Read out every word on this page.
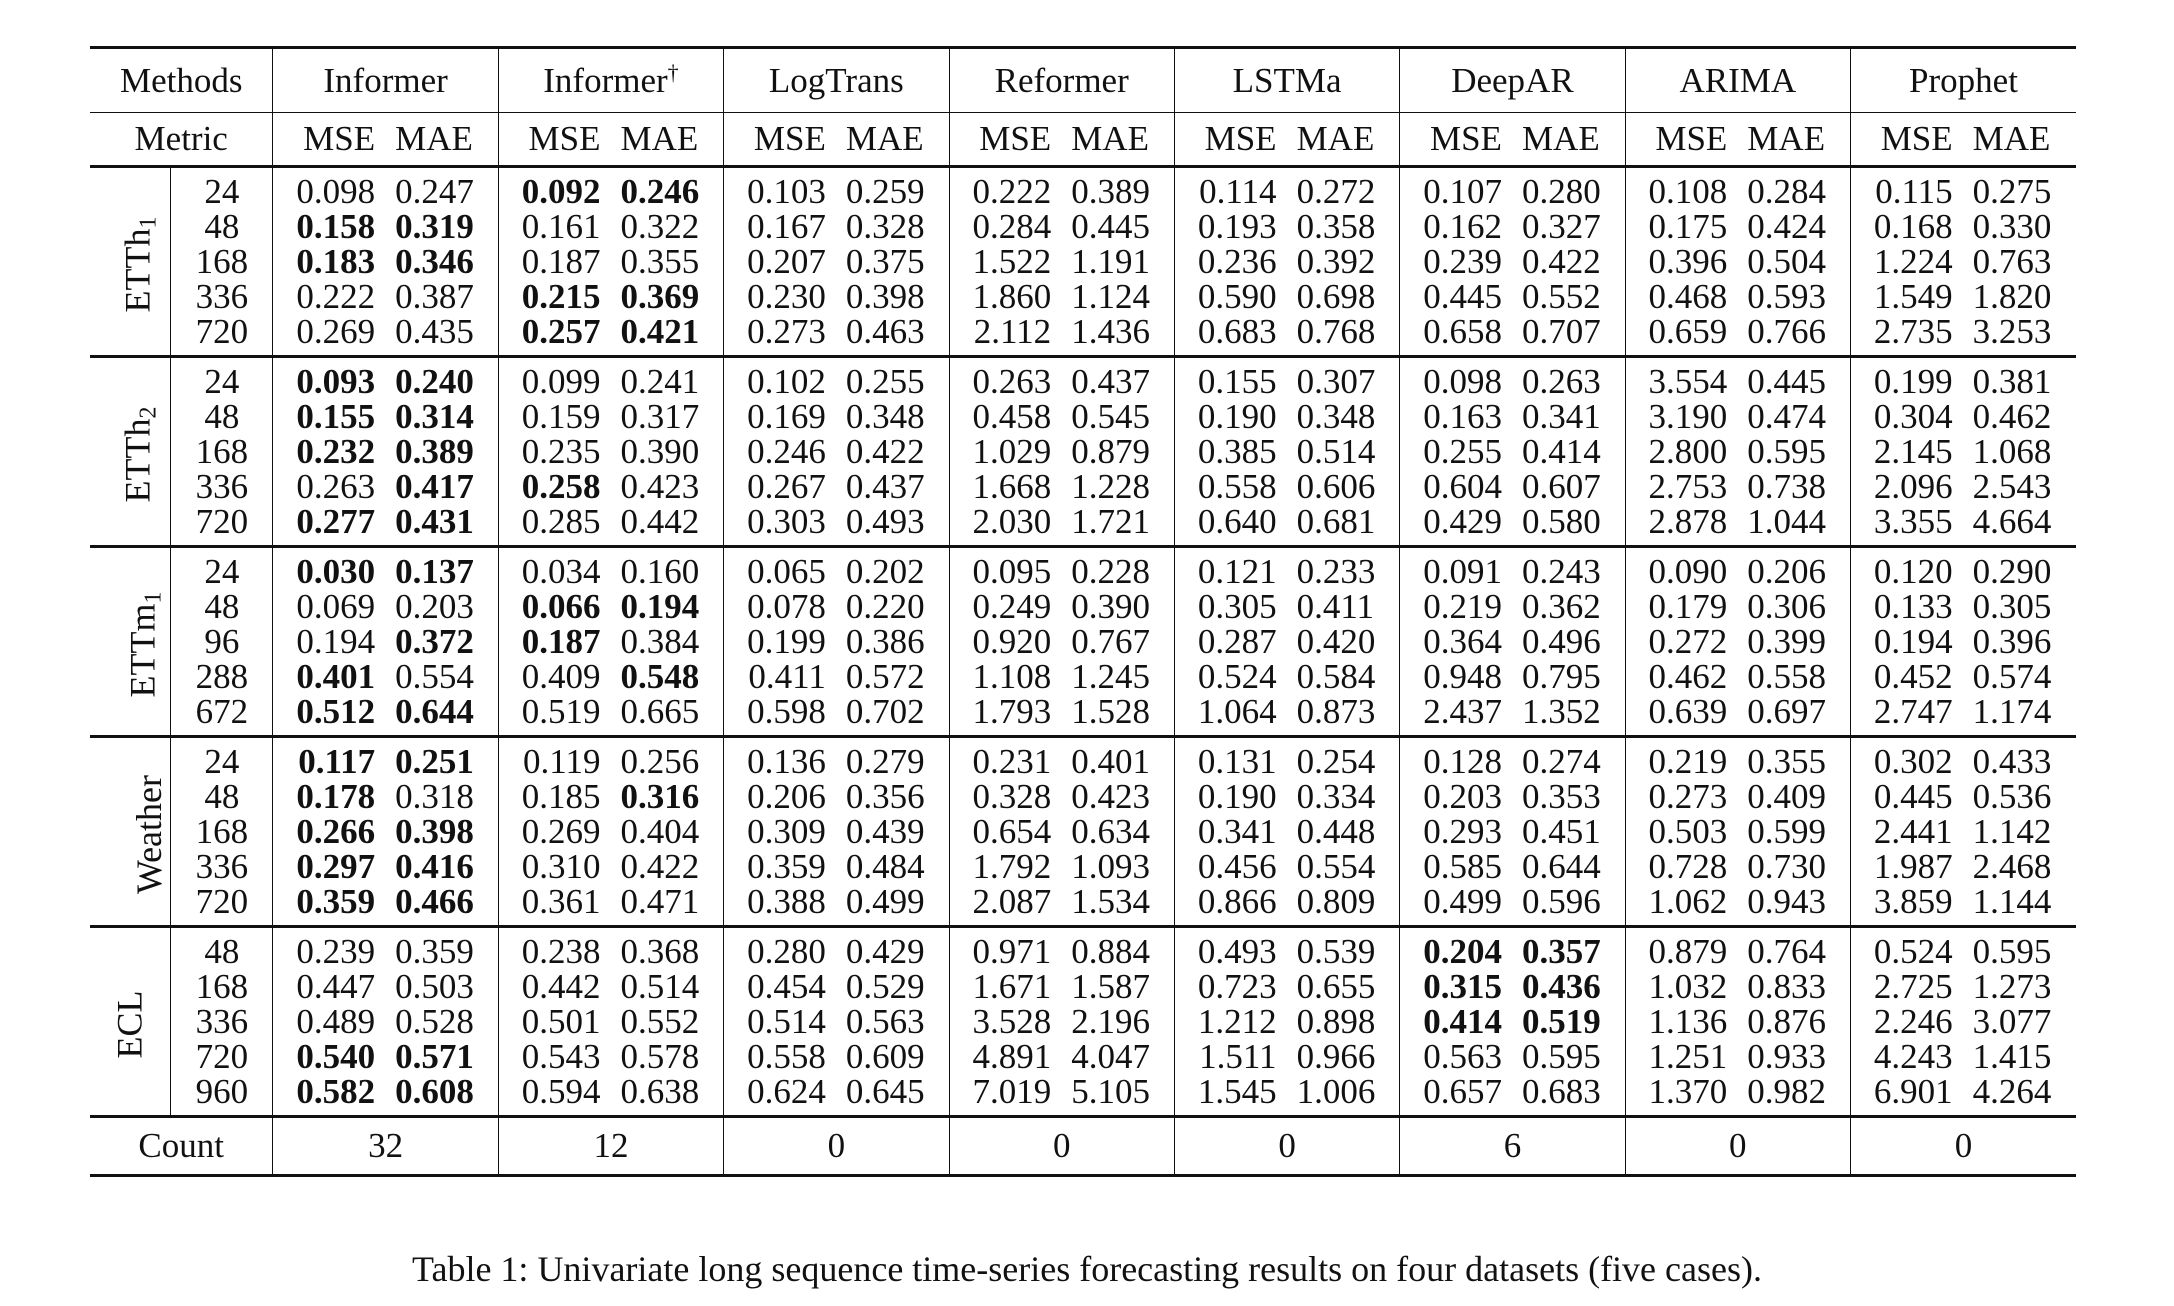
Methods		Informer		Informer†		LogTrans		Reformer		LSTMa		DeepAR		ARIMA		Prophet	
Metric		MSE	MAE	MSE	MAE	MSE	MAE	MSE	MAE	MSE	MAE	MSE	MAE	MSE	MAE	MSE	MAE
ETTh$_1$	24	0.098	0.247	0.092	0.246	0.103	0.259	0.222	0.389	0.114	0.272	0.107	0.280	0.108	0.284	0.115	0.275
	48	0.158	0.319	0.161	0.322	0.167	0.328	0.284	0.445	0.193	0.358	0.162	0.327	0.175	0.424	0.168	0.330
	168	0.183	0.346	0.187	0.355	0.207	0.375	1.522	1.191	0.236	0.392	0.239	0.422	0.396	0.504	1.224	0.763
	336	0.222	0.387	0.215	0.369	0.230	0.398	1.860	1.124	0.590	0.698	0.445	0.552	0.468	0.593	1.549	1.820
	720	0.269	0.435	0.257	0.421	0.273	0.463	2.112	1.436	0.683	0.768	0.658	0.707	0.659	0.766	2.735	3.253
ETTh$_2$	24	0.093	0.240	0.099	0.241	0.102	0.255	0.263	0.437	0.155	0.307	0.098	0.263	3.554	0.445	0.199	0.381
	48	0.155	0.314	0.159	0.317	0.169	0.348	0.458	0.545	0.190	0.348	0.163	0.341	3.190	0.474	0.304	0.462
	168	0.232	0.389	0.235	0.390	0.246	0.422	1.029	0.879	0.385	0.514	0.255	0.414	2.800	0.595	2.145	1.068
	336	0.263	0.417	0.258	0.423	0.267	0.437	1.668	1.228	0.558	0.606	0.604	0.607	2.753	0.738	2.096	2.543
	720	0.277	0.431	0.285	0.442	0.303	0.493	2.030	1.721	0.640	0.681	0.429	0.580	2.878	1.044	3.355	4.664
ETTm$_1$	24	0.030	0.137	0.034	0.160	0.065	0.202	0.095	0.228	0.121	0.233	0.091	0.243	0.090	0.206	0.120	0.290
	48	0.069	0.203	0.066	0.194	0.078	0.220	0.249	0.390	0.305	0.411	0.219	0.362	0.179	0.306	0.133	0.305
	96	0.194	0.372	0.187	0.384	0.199	0.386	0.920	0.767	0.287	0.420	0.364	0.496	0.272	0.399	0.194	0.396
	288	0.401	0.554	0.409	0.548	0.411	0.572	1.108	1.245	0.524	0.584	0.948	0.795	0.462	0.558	0.452	0.574
	672	0.512	0.644	0.519	0.665	0.598	0.702	1.793	1.528	1.064	0.873	2.437	1.352	0.639	0.697	2.747	1.174
Weather	24	0.117	0.251	0.119	0.256	0.136	0.279	0.231	0.401	0.131	0.254	0.128	0.274	0.219	0.355	0.302	0.433
	48	0.178	0.318	0.185	0.316	0.206	0.356	0.328	0.423	0.190	0.334	0.203	0.353	0.273	0.409	0.445	0.536
	168	0.266	0.398	0.269	0.404	0.309	0.439	0.654	0.634	0.341	0.448	0.293	0.451	0.503	0.599	2.441	1.142
	336	0.297	0.416	0.310	0.422	0.359	0.484	1.792	1.093	0.456	0.554	0.585	0.644	0.728	0.730	1.987	2.468
	720	0.359	0.466	0.361	0.471	0.388	0.499	2.087	1.534	0.866	0.809	0.499	0.596	1.062	0.943	3.859	1.144
ECL	48	0.239	0.359	0.238	0.368	0.280	0.429	0.971	0.884	0.493	0.539	0.204	0.357	0.879	0.764	0.524	0.595
	168	0.447	0.503	0.442	0.514	0.454	0.529	1.671	1.587	0.723	0.655	0.315	0.436	1.032	0.833	2.725	1.273
	336	0.489	0.528	0.501	0.552	0.514	0.563	3.528	2.196	1.212	0.898	0.414	0.519	1.136	0.876	2.246	3.077
	720	0.540	0.571	0.543	0.578	0.558	0.609	4.891	4.047	1.511	0.966	0.563	0.595	1.251	0.933	4.243	1.415
	960	0.582	0.608	0.594	0.638	0.624	0.645	7.019	5.105	1.545	1.006	0.657	0.683	1.370	0.982	6.901	4.264
Count		32		12		0		0		0		6		0		0	
Table 1: Univariate long sequence time-series forecasting results on four datasets (five cases).
